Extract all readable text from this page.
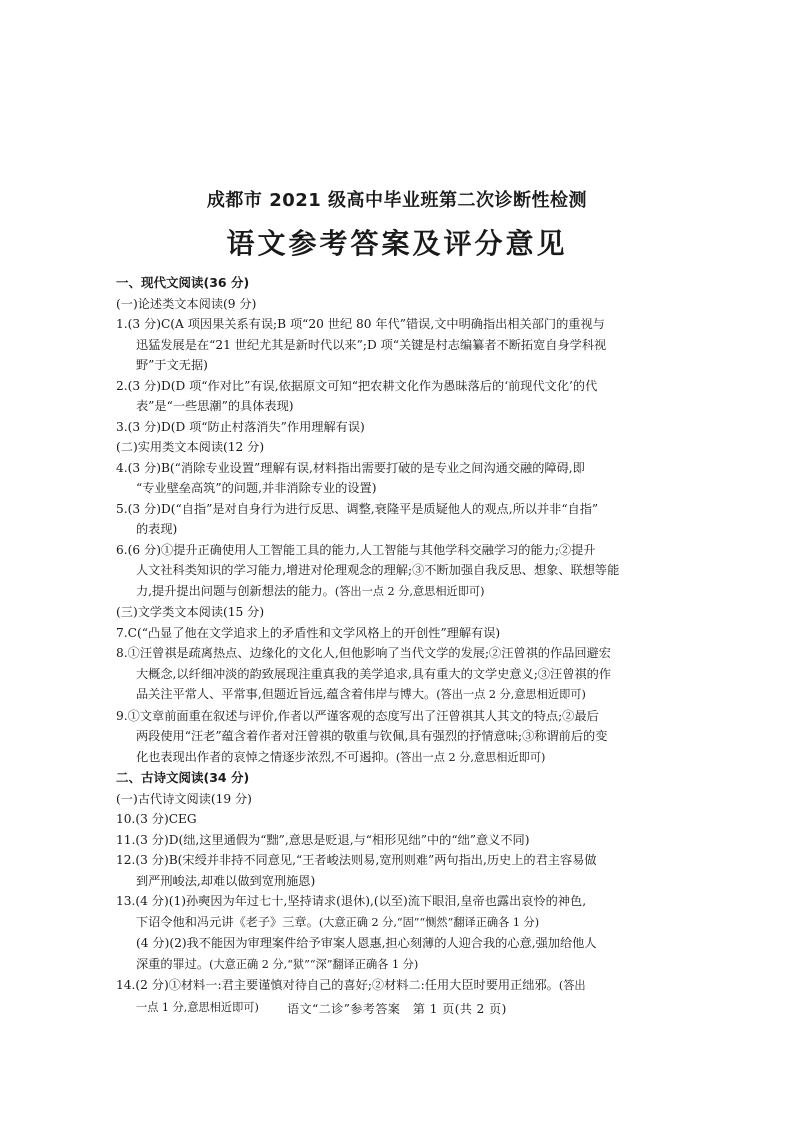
成都市 2021 级高中毕业班第二次诊断性检测
语文参考答案及评分意见
一、现代文阅读(36 分)
(一)论述类文本阅读(9 分)
1.(3 分)C(A 项因果关系有误;B 项“20 世纪 80 年代”错误,文中明确指出相关部门的重视与
迅猛发展是在“21 世纪尤其是新时代以来”;D 项“关键是村志编纂者不断拓宽自身学科视
野”于文无据)
2.(3 分)D(D 项“作对比”有误,依据原文可知“把农耕文化作为愚昧落后的‘前现代文化’的代
表”是“一些思潮”的具体表现)
3.(3 分)D(D 项“防止村落消失”作用理解有误)
(二)实用类文本阅读(12 分)
4.(3 分)B(“消除专业设置”理解有误,材料指出需要打破的是专业之间沟通交融的障碍,即
“专业壁垒高筑”的问题,并非消除专业的设置)
5.(3 分)D(“自指”是对自身行为进行反思、调整,衰隆平是质疑他人的观点,所以并非“自指”
的表现)
6.(6 分)①提升正确使用人工智能工具的能力,人工智能与其他学科交融学习的能力;②提升
人文社科类知识的学习能力,增进对伦理观念的理解;③不断加强自我反思、想象、联想等能
力,提升提出问题与创新想法的能力。(答出一点 2 分,意思相近即可)
(三)文学类文本阅读(15 分)
7.C(“凸显了他在文学追求上的矛盾性和文学风格上的开创性”理解有误)
8.①汪曾祺是疏离热点、边缘化的文化人,但他影响了当代文学的发展;②汪曾祺的作品回避宏
大概念,以纤细冲淡的韵致展现注重真我的美学追求,具有重大的文学史意义;③汪曾祺的作
品关注平常人、平常事,但题近旨远,蕴含着伟岸与博大。(答出一点 2 分,意思相近即可)
9.①文章前面重在叙述与评价,作者以严谨客观的态度写出了汪曾祺其人其文的特点;②最后
两段使用“汪老”蕴含着作者对汪曾祺的敬重与钦佩,具有强烈的抒情意味;③称谓前后的变
化也表现出作者的哀悼之情逐步浓烈,不可遏抑。(答出一点 2 分,意思相近即可)
二、古诗文阅读(34 分)
(一)古代诗文阅读(19 分)
10.(3 分)CEG
11.(3 分)D(绌,这里通假为“黜”,意思是贬退,与“相形见绌”中的“绌”意义不同)
12.(3 分)B(宋绶并非持不同意见,“王者峻法则易,宽刑则难”两句指出,历史上的君主容易做
到严刑峻法,却难以做到宽刑施恩)
13.(4 分)(1)孙奭因为年过七十,坚持请求(退休),(以至)流下眼泪,皇帝也露出哀怜的神色,
下诏令他和冯元讲《老子》三章。(大意正确 2 分,“固”“恻然”翻译正确各 1 分)
(4 分)(2)我不能因为审理案件给予审案人恩惠,担心刻薄的人迎合我的心意,强加给他人
深重的罪过。(大意正确 2 分,“狱”“深”翻译正确各 1 分)
14.(2 分)①材料一:君主要谨慎对待自己的喜好;②材料二:任用大臣时要用正绌邪。(答出
一点 1 分,意思相近即可)	语文“二诊”参考答案　第 1 页(共 2 页)
